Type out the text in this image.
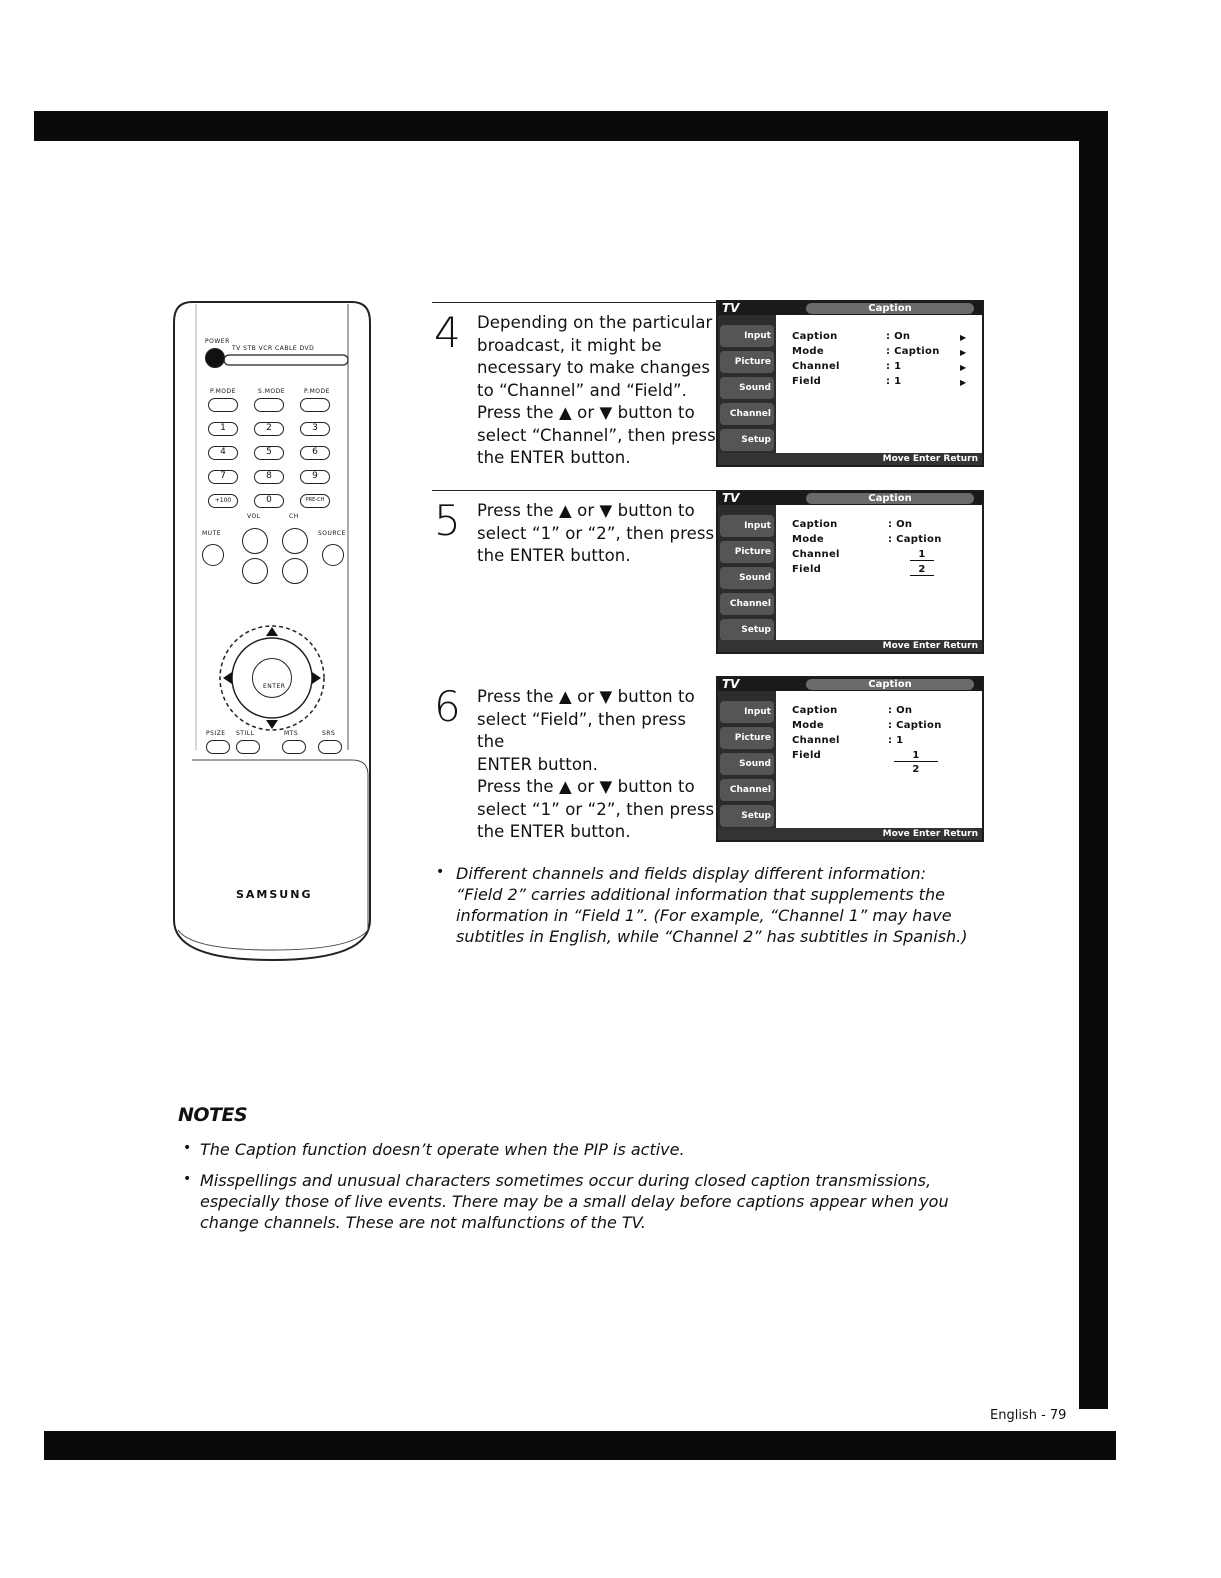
POWER
TV STB VCR CABLE DVD
P.MODE	S.MODE	P.MODE
1	2	3
4	5	6
7	8	9
+100	0	PRE-CH
VOL	CH
MUTE	SOURCE
ENTER
PSIZE STILL	MTS	SRS
SAMSUNG
4 Depending on the particular
broadcast, it might be
necessary to make changes
to “Channel” and “Field”.
Press the ▲ or ▼ button to
select “Channel”, then press
the ENTER button.
TV	Caption
Input
Picture
Sound
Channel
Setup
Caption	: On
Mode	: Caption
Channel	: 1
Field	: 1
▶
▶
▶
▶
Move Enter Return
5 Press the ▲ or ▼ button to
select “1” or “2”, then press
the ENTER button.
TV	Caption
Input
Picture
Sound
Channel
Setup
Caption	: On
Mode	: Caption
Channel	1
Field	2
Move Enter Return
6 Press the ▲ or ▼ button to
select “Field”, then press the
ENTER button.
Press the ▲ or ▼ button to
select “1” or “2”, then press
the ENTER button.
TV	Caption
Input
Picture
Sound
Channel
Setup
Caption	: On
Mode	: Caption
Channel	: 1
Field	1
2
Move Enter Return
• Different channels and fields display different information:
“Field 2” carries additional information that supplements the
information in “Field 1”. (For example, “Channel 1” may have
subtitles in English, while “Channel 2” has subtitles in Spanish.)
NOTES
• The Caption function doesn’t operate when the PIP is active.
• Misspellings and unusual characters sometimes occur during closed caption transmissions,
especially those of live events. There may be a small delay before captions appear when you
change channels. These are not malfunctions of the TV.
English - 79
